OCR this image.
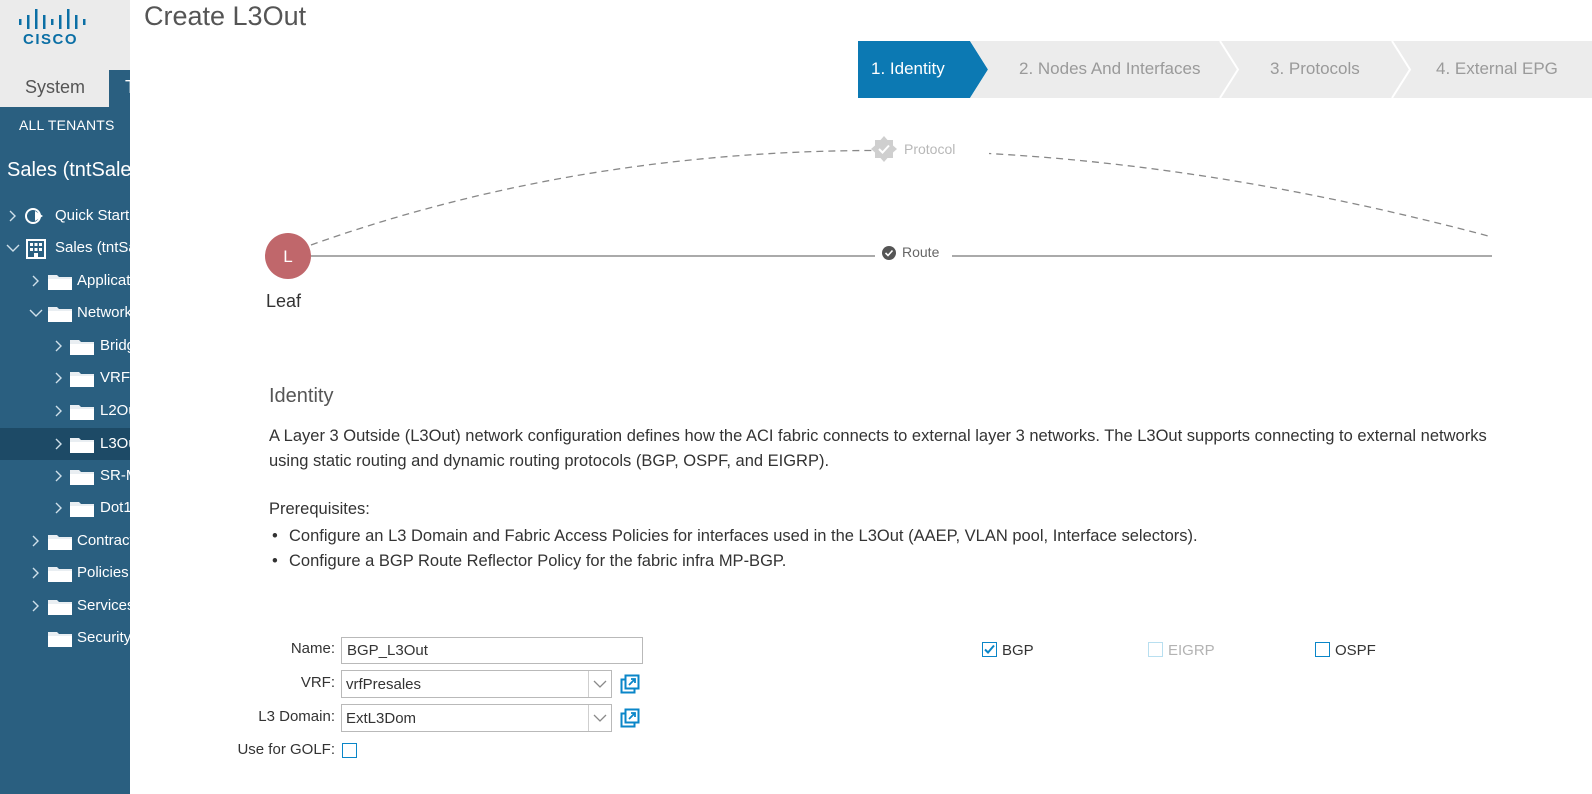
CISCO
System	Tenants
ALL TENANTS
Sales (tntSales)
Quick Start
Sales (tntSales)
Application Profiles
Networking
Bridge Domains
VRFs
L2Outs
L3Outs
SR-MPLS
Dot1Q Tunnels
Contracts
Policies
Services
Security
Create L3Out
1. Identity	2. Nodes And Interfaces	3. Protocols	4. External EPG
L
Protocol
Route
Leaf
Identity
A Layer 3 Outside (L3Out) network configuration defines how the ACI fabric connects to external layer 3 networks. The L3Out supports connecting to external networks using static routing and dynamic routing protocols (BGP, OSPF, and EIGRP).
Prerequisites:
• Configure an L3 Domain and Fabric Access Policies for interfaces used in the L3Out (AAEP, VLAN pool, Interface selectors).
• Configure a BGP Route Reflector Policy for the fabric infra MP-BGP.
Name:
BGP_L3Out
VRF: vrfPresales
L3 Domain: ExtL3Dom
Use for GOLF:
BGP	EIGRP	OSPF
